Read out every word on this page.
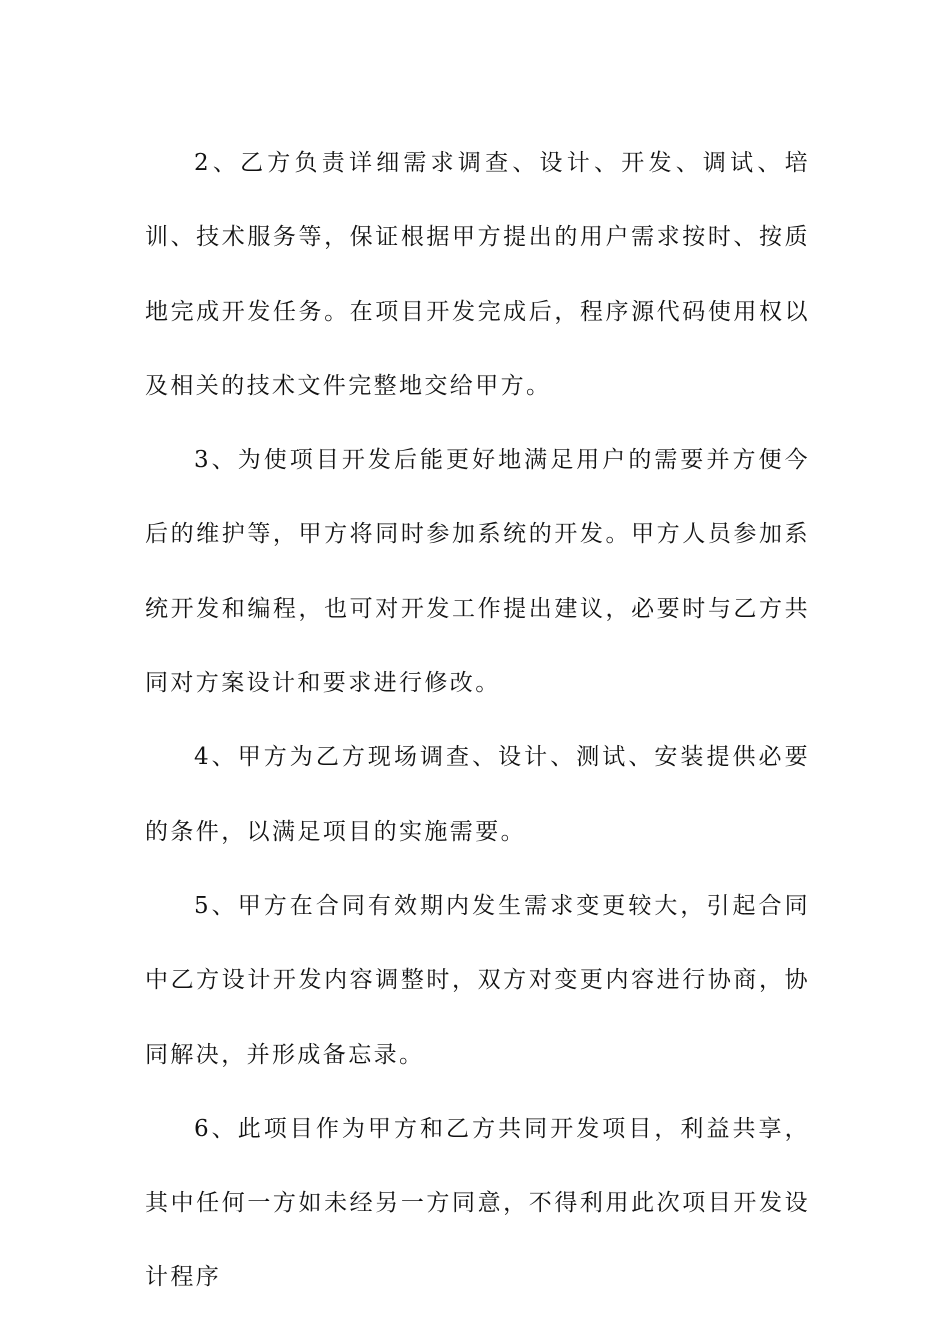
2、乙方负责详细需求调查、设计、开发、调试、培训、技术服务等，保证根据甲方提出的用户需求按时、按质地完成开发任务。在项目开发完成后，程序源代码使用权以及相关的技术文件完整地交给甲方。

3、为使项目开发后能更好地满足用户的需要并方便今后的维护等，甲方将同时参加系统的开发。甲方人员参加系统开发和编程，也可对开发工作提出建议，必要时与乙方共同对方案设计和要求进行修改。

4、甲方为乙方现场调查、设计、测试、安装提供必要的条件，以满足项目的实施需要。

5、甲方在合同有效期内发生需求变更较大，引起合同中乙方设计开发内容调整时，双方对变更内容进行协商，协同解决，并形成备忘录。

6、此项目作为甲方和乙方共同开发项目，利益共享，其中任何一方如未经另一方同意，不得利用此次项目开发设计程序
